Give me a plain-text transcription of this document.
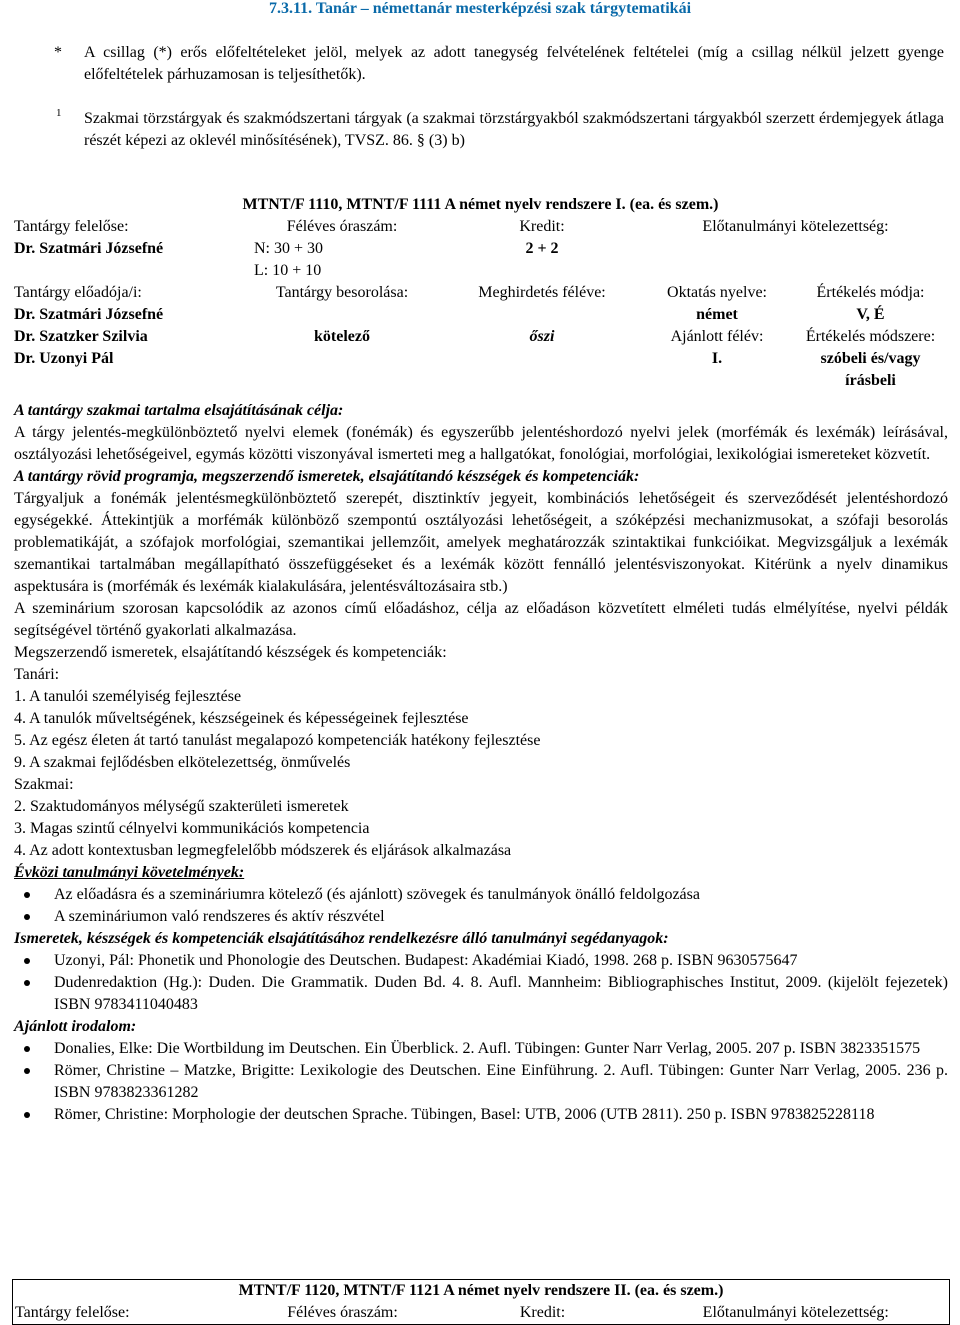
7.3.11. Tanár – némettanár mesterképzési szak tárgytematikái
* A csillag (*) erős előfeltételeket jelöl, melyek az adott tanegység felvételének feltételei (míg a csillag nélkül jelzett gyenge előfeltételek párhuzamosan is teljesíthetők).
1 Szakmai törzstárgyak és szakmódszertani tárgyak (a szakmai törzstárgyakból szakmódszertani tárgyakból szerzett érdemjegyek átlaga részét képezi az oklevél minősítésének), TVSZ. 86. § (3) b)
MTNT/F 1110, MTNT/F 1111 A német nyelv rendszere I. (ea. és szem.)				
Tantárgy felelőse:	Féléves óraszám:	Kredit:	Előtanulmányi kötelezettség:	
Dr. Szatmári Józsefné	N: 30 + 30	2 + 2		
	L: 10 + 10			
Tantárgy előadója/i:	Tantárgy besorolása:	Meghirdetés féléve:	Oktatás nyelve:	Értékelés módja:
Dr. Szatmári Józsefné			német	V, É
Dr. Szatzker Szilvia	kötelező	őszi	Ajánlott félév:	Értékelés módszere:
Dr. Uzonyi Pál			I.	szóbeli és/vagy
				írásbeli

A tantárgy szakmai tartalma elsajátításának célja:

A tárgy jelentés-megkülönböztető nyelvi elemek (fonémák) és egyszerűbb jelentéshordozó nyelvi jelek (morfémák és lexémák) leírásával, osztályozási lehetőségeivel, egymás közötti viszonyával ismerteti meg a hallgatókat, fonológiai, morfológiai, lexikológiai ismereteket közvetít.

A tantárgy rövid programja, megszerzendő ismeretek, elsajátítandó készségek és kompetenciák:

Tárgyaljuk a fonémák jelentésmegkülönböztető szerepét, disztinktív jegyeit, kombinációs lehetőségeit és szerveződését jelentéshordozó egységekké. Áttekintjük a morfémák különböző szempontú osztályozási lehetőségeit, a szóképzési mechanizmusokat, a szófaji besorolás problematikáját, a szófajok morfológiai, szemantikai jellemzőit, amelyek meghatározzák szintaktikai funkcióikat. Megvizsgáljuk a lexémák szemantikai tartalmában megállapítható összefüggéseket és a lexémák között fennálló jelentésviszonyokat. Kitérünk a nyelv dinamikus aspektusára is (morfémák és lexémák kialakulására, jelentésváltozásaira stb.)

A szeminárium szorosan kapcsolódik az azonos című előadáshoz, célja az előadáson közvetített elméleti tudás elmélyítése, nyelvi példák segítségével történő gyakorlati alkalmazása.

Megszerzendő ismeretek, elsajátítandó készségek és kompetenciák:

Tanári:

1. A tanulói személyiség fejlesztése

4. A tanulók műveltségének, készségeinek és képességeinek fejlesztése

5. Az egész életen át tartó tanulást megalapozó kompetenciák hatékony fejlesztése

9. A szakmai fejlődésben elkötelezettség, önművelés

Szakmai:

2. Szaktudományos mélységű szakterületi ismeretek

3. Magas szintű célnyelvi kommunikációs kompetencia

4. Az adott kontextusban legmegfelelőbb módszerek és eljárások alkalmazása

Évközi tanulmányi követelmények:

Az előadásra és a szemináriumra kötelező (és ajánlott) szövegek és tanulmányok önálló feldolgozása
A szemináriumon való rendszeres és aktív részvétel

Ismeretek, készségek és kompetenciák elsajátításához rendelkezésre álló tanulmányi segédanyagok:

Uzonyi, Pál: Phonetik und Phonologie des Deutschen. Budapest: Akadémiai Kiadó, 1998. 268 p. ISBN 9630575647
Dudenredaktion (Hg.): Duden. Die Grammatik. Duden Bd. 4. 8. Aufl. Mannheim: Bibliographisches Institut, 2009. (kijelölt fejezetek) ISBN 9783411040483

Ajánlott irodalom:

Donalies, Elke: Die Wortbildung im Deutschen. Ein Überblick. 2. Aufl. Tübingen: Gunter Narr Verlag, 2005. 207 p. ISBN 3823351575
Römer, Christine – Matzke, Brigitte: Lexikologie des Deutschen. Eine Einführung. 2. Aufl. Tübingen: Gunter Narr Verlag, 2005. 236 p. ISBN 9783823361282
Römer, Christine: Morphologie der deutschen Sprache. Tübingen, Basel: UTB, 2006 (UTB 2811). 250 p. ISBN 9783825228118
MTNT/F 1120, MTNT/F 1121 A német nyelv rendszere II. (ea. és szem.)
Tantárgy felelőse:	Féléves óraszám:	Kredit:	Előtanulmányi kötelezettség:
